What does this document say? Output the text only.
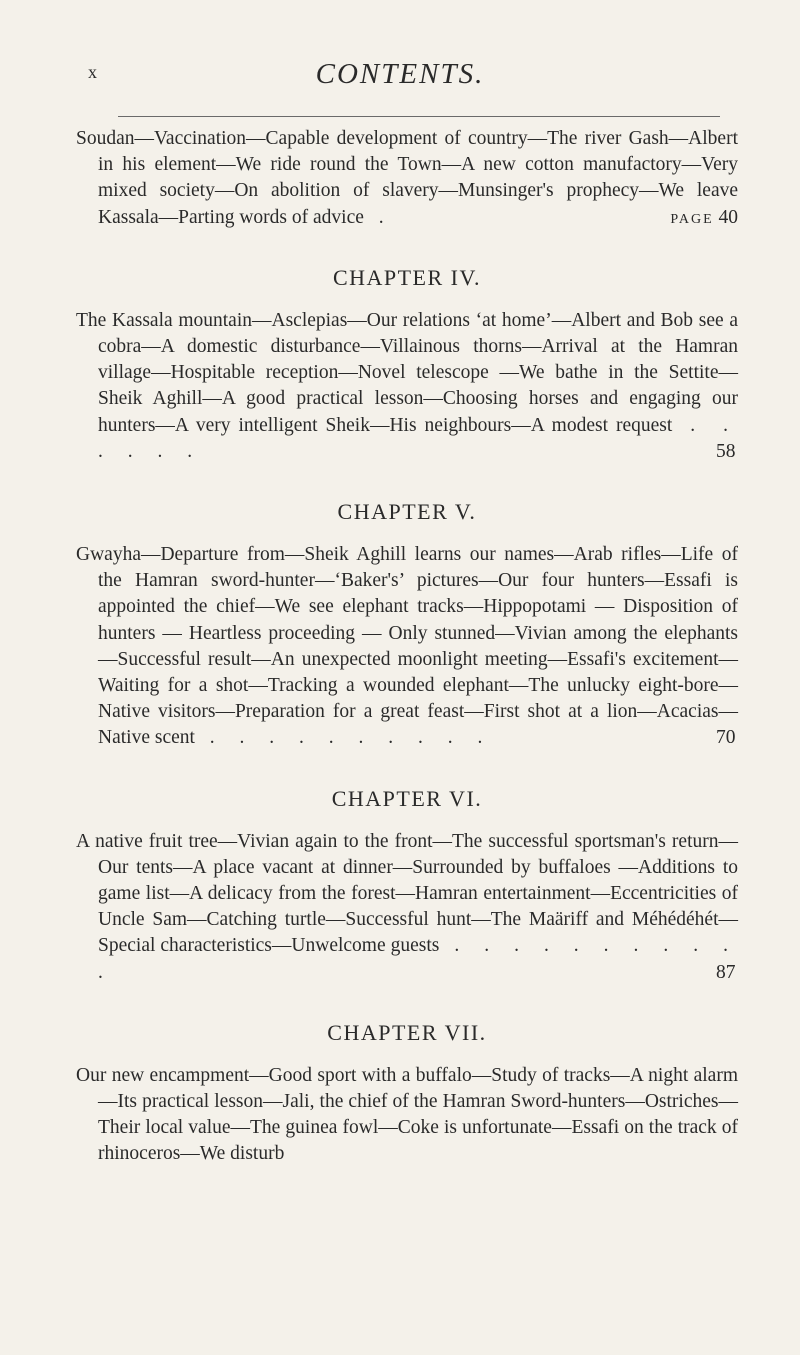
x	CONTENTS.
Soudan—Vaccination—Capable development of country—The river Gash—Albert in his element—We ride round the Town—A new cotton manufactory—Very mixed society—On abolition of slavery—Munsinger's prophecy—We leave Kassala—Parting words of advice .	PAGE 40
CHAPTER IV.
The Kassala mountain—Asclepias—Our relations ‘at home’—Albert and Bob see a cobra—A domestic disturbance—Villainous thorns—Arrival at the Hamran village—Hospitable reception—Novel telescope —We bathe in the Settite—Sheik Aghill—A good practical lesson—Choosing horses and engaging our hunters—A very intelligent Sheik—His neighbours—A modest request . . . . . .	58
CHAPTER V.
Gwayha—Departure from—Sheik Aghill learns our names—Arab rifles—Life of the Hamran sword-hunter—‘Baker's’ pictures—Our four hunters—Essafi is appointed the chief—We see elephant tracks—Hippopotami — Disposition of hunters — Heartless proceeding — Only stunned—Vivian among the elephants—Successful result—An unexpected moonlight meeting—Essafi's excitement—Waiting for a shot—Tracking a wounded elephant—The unlucky eight-bore—Native visitors—Preparation for a great feast—First shot at a lion—Acacias—Native scent . . . . . . . . . .	70
CHAPTER VI.
A native fruit tree—Vivian again to the front—The successful sportsman's return—Our tents—A place vacant at dinner—Surrounded by buffaloes —Additions to game list—A delicacy from the forest—Hamran entertainment—Eccentricities of Uncle Sam—Catching turtle—Successful hunt—The Maäriff and Méhédéhét—Special characteristics—Unwelcome guests . . . . . . . . . . .	87
CHAPTER VII.
Our new encampment—Good sport with a buffalo—Study of tracks—A night alarm—Its practical lesson—Jali, the chief of the Hamran Sword-hunters—Ostriches—Their local value—The guinea fowl—Coke is unfortunate—Essafi on the track of rhinoceros—We disturb
